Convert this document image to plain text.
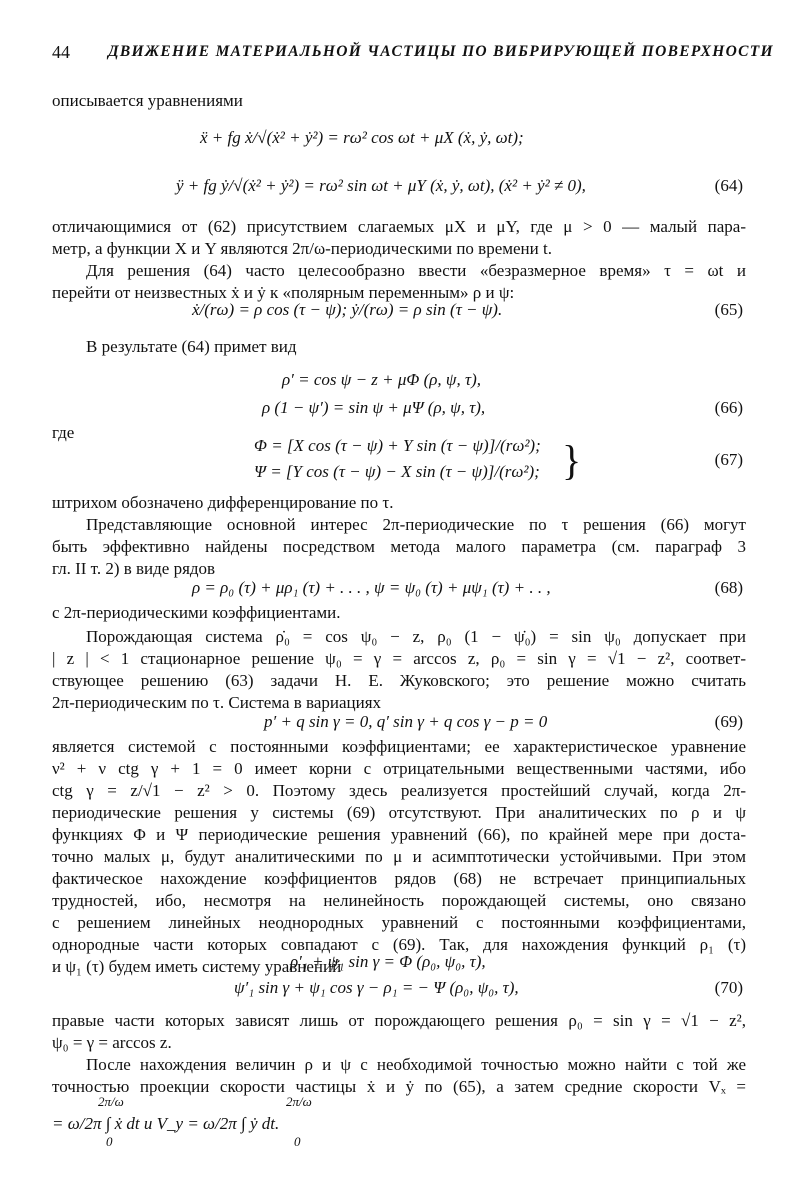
44 ДВИЖЕНИЕ МАТЕРИАЛЬНОЙ ЧАСТИЦЫ ПО ВИБРИРУЮЩЕЙ ПОВЕРХНОСТИ
описывается уравнениями
ẍ + fg ẋ/√(ẋ² + ẏ²) = rω² cos ωt + μX (ẋ, ẏ, ωt);
ÿ + fg ẏ/√(ẋ² + ẏ²) = rω² sin ωt + μY (ẋ, ẏ, ωt), (ẋ² + ẏ² ≠ 0),	(64)
отличающимися от (62) присутствием слагаемых μX и μY, где μ > 0 — малый пара-
метр, а функции X и Y являются 2π/ω-периодическими по времени t.
Для решения (64) часто целесообразно ввести «безразмерное время» τ = ωt и
перейти от неизвестных ẋ и ẏ к «полярным переменным» ρ и ψ:
ẋ/(rω) = ρ cos (τ − ψ); ẏ/(rω) = ρ sin (τ − ψ).	(65)
В результате (64) примет вид
ρ′ = cos ψ − z + μΦ (ρ, ψ, τ),
ρ (1 − ψ′) = sin ψ + μΨ (ρ, ψ, τ),	(66)
где
Φ = [X cos (τ − ψ) + Y sin (τ − ψ)]/(rω²);
Ψ = [Y cos (τ − ψ) − X sin (τ − ψ)]/(rω²); }	(67)
штрихом обозначено дифференцирование по τ.
Представляющие основной интерес 2π-периодические по τ решения (66) могут
быть эффективно найдены посредством метода малого параметра (см. параграф 3
гл. II т. 2) в виде рядов
ρ = ρ₀ (τ) + μρ₁ (τ) + . . . , ψ = ψ₀ (τ) + μψ₁ (τ) + . . ,	(68)
с 2π-периодическими коэффициентами.
Порождающая система ρ̇₀ = cos ψ₀ − z, ρ₀ (1 − ψ̇₀) = sin ψ₀ допускает при
| z | < 1 стационарное решение ψ₀ = γ = arccos z, ρ₀ = sin γ = √1 − z², соответ-
ствующее решению (63) задачи Н. Е. Жуковского; это решение можно считать
2π-периодическим по τ. Система в вариациях
p′ + q sin γ = 0, q′ sin γ + q cos γ − p = 0	(69)
является системой с постоянными коэффициентами; ее характеристическое уравнение
ν² + ν ctg γ + 1 = 0 имеет корни с отрицательными вещественными частями, ибо
ctg γ = z/√1 − z² > 0. Поэтому здесь реализуется простейший случай, когда 2π-
периодические решения у системы (69) отсутствуют. При аналитических по ρ и ψ
функциях Φ и Ψ периодические решения уравнений (66), по крайней мере при доста-
точно малых μ, будут аналитическими по μ и асимптотически устойчивыми. При этом
фактическое нахождение коэффициентов рядов (68) не встречает принципиальных
трудностей, ибо, несмотря на нелинейность порождающей системы, оно связано
с решением линейных неоднородных уравнений с постоянными коэффициентами,
однородные части которых совпадают с (69). Так, для нахождения функций ρ₁ (τ)
и ψ₁ (τ) будем иметь систему уравнений
ρ′₁ + ψ₁ sin γ = Φ (ρ₀, ψ₀, τ),
ψ′₁ sin γ + ψ₁ cos γ − ρ₁ = − Ψ (ρ₀, ψ₀, τ),	(70)
правые части которых зависят лишь от порождающего решения ρ₀ = sin γ = √1 − z²,
ψ₀ = γ = arccos z.
После нахождения величин ρ и ψ с необходимой точностью можно найти с той же
точностью проекции скорости частицы ẋ и ẏ по (65), а затем средние скорости Vₓ =
= ω/2π ∫ ẋ dt и V_y = ω/2π ∫ ẏ dt.
2π/ω
0
2π/ω
0
